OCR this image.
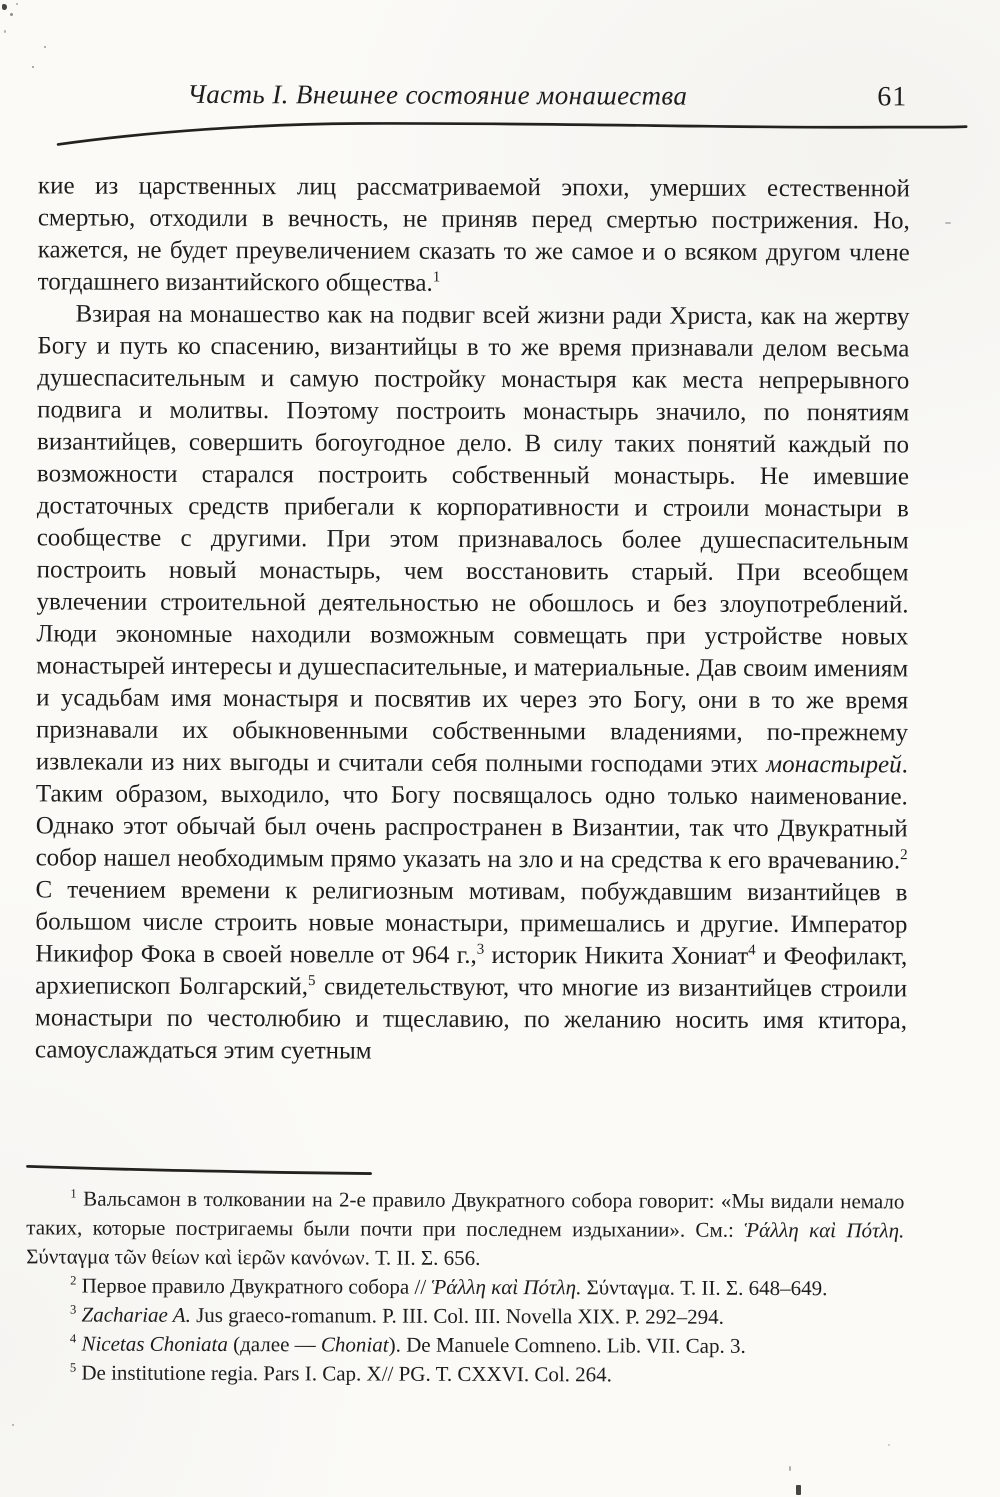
Часть I. Внешнее состояние монашества	61

кие из царственных лиц рассматриваемой эпохи, умерших естественной смертью, отходили в вечность, не приняв перед смертью пострижения. Но, кажется, не будет преувеличением сказать то же самое и о всяком другом члене тогдашнего византийского общества.$^1$

Взирая на монашество как на подвиг всей жизни ради Христа, как на жертву Богу и путь ко спасению, византийцы в то же время признавали делом весьма душеспасительным и самую постройку монастыря как места непрерывного подвига и молитвы. Поэтому построить монастырь значило, по понятиям византийцев, совершить богоугодное дело. В силу таких понятий каждый по возможности старался построить собственный монастырь. Не имевшие достаточных средств прибегали к корпоративности и строили монастыри в сообществе с другими. При этом признавалось более душеспасительным построить новый монастырь, чем восстановить старый. При всеобщем увлечении строительной деятельностью не обошлось и без злоупотреблений. Люди экономные находили возможным совмещать при устройстве новых монастырей интересы и душеспасительные, и материальные. Дав своим имениям и усадьбам имя монастыря и посвятив их через это Богу, они в то же время признавали их обыкновенными собственными владениями, по-прежнему извлекали из них выгоды и считали себя полными господами этих монастырей. Таким образом, выходило, что Богу посвящалось одно только наименование. Однако этот обычай был очень распространен в Византии, так что Двукратный собор нашел необходимым прямо указать на зло и на средства к его врачеванию.$^2$ С течением времени к религиозным мотивам, побуждавшим византийцев в большом числе строить новые монастыри, примешались и другие. Император Никифор Фока в своей новелле от 964 г.,$^3$ историк Никита Хониат$^4$ и Феофилакт, архиепископ Болгарский,$^5$ свидетельствуют, что многие из византийцев строили монастыри по честолюбию и тщеславию, по желанию носить имя ктитора, самоуслаждаться этим суетным

$^1$ Вальсамон в толковании на 2-е правило Двукратного собора говорит: «Мы видали немало таких, которые постригаемы были почти при последнем издыхании». См.: Ῥάλλη καὶ Πότλη. Σύνταγμα τῶν θείων καὶ ἱερῶν κανόνων. Т. II. Σ. 656.

$^2$ Первое правило Двукратного собора // Ῥάλλη καὶ Πότλη. Σύνταγμα. Т. II. Σ. 648–649.

$^3$ Zachariae A. Jus graeco-romanum. P. III. Col. III. Novella XIX. P. 292–294.

$^4$ Nicetas Choniata (далее — Choniat). De Manuele Comneno. Lib. VII. Cap. 3.

$^5$ De institutione regia. Pars I. Cap. X// PG. T. CXXVI. Col. 264.
